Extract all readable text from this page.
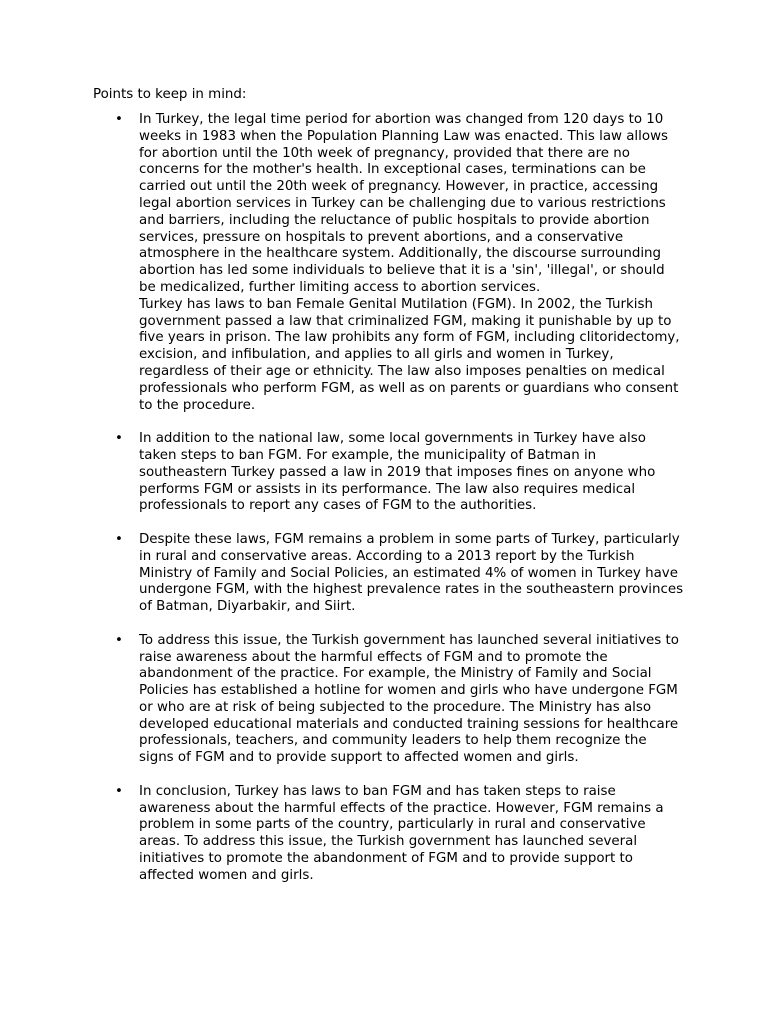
Points to keep in mind:
• In Turkey, the legal time period for abortion was changed from 120 days to 10 weeks in 1983 when the Population Planning Law was enacted. This law allows for abortion until the 10th week of pregnancy, provided that there are no concerns for the mother's health. In exceptional cases, terminations can be carried out until the 20th week of pregnancy. However, in practice, accessing legal abortion services in Turkey can be challenging due to various restrictions and barriers, including the reluctance of public hospitals to provide abortion services, pressure on hospitals to prevent abortions, and a conservative atmosphere in the healthcare system. Additionally, the discourse surrounding abortion has led some individuals to believe that it is a 'sin', 'illegal', or should be medicalized, further limiting access to abortion services.

Turkey has laws to ban Female Genital Mutilation (FGM). In 2002, the Turkish government passed a law that criminalized FGM, making it punishable by up to five years in prison. The law prohibits any form of FGM, including clitoridectomy, excision, and infibulation, and applies to all girls and women in Turkey, regardless of their age or ethnicity. The law also imposes penalties on medical professionals who perform FGM, as well as on parents or guardians who consent to the procedure.

• In addition to the national law, some local governments in Turkey have also taken steps to ban FGM. For example, the municipality of Batman in southeastern Turkey passed a law in 2019 that imposes fines on anyone who performs FGM or assists in its performance. The law also requires medical professionals to report any cases of FGM to the authorities.

• Despite these laws, FGM remains a problem in some parts of Turkey, particularly in rural and conservative areas. According to a 2013 report by the Turkish Ministry of Family and Social Policies, an estimated 4% of women in Turkey have undergone FGM, with the highest prevalence rates in the southeastern provinces of Batman, Diyarbakir, and Siirt.

• To address this issue, the Turkish government has launched several initiatives to raise awareness about the harmful effects of FGM and to promote the abandonment of the practice. For example, the Ministry of Family and Social Policies has established a hotline for women and girls who have undergone FGM or who are at risk of being subjected to the procedure. The Ministry has also developed educational materials and conducted training sessions for healthcare professionals, teachers, and community leaders to help them recognize the signs of FGM and to provide support to affected women and girls.

• In conclusion, Turkey has laws to ban FGM and has taken steps to raise awareness about the harmful effects of the practice. However, FGM remains a problem in some parts of the country, particularly in rural and conservative areas. To address this issue, the Turkish government has launched several initiatives to promote the abandonment of FGM and to provide support to affected women and girls.
